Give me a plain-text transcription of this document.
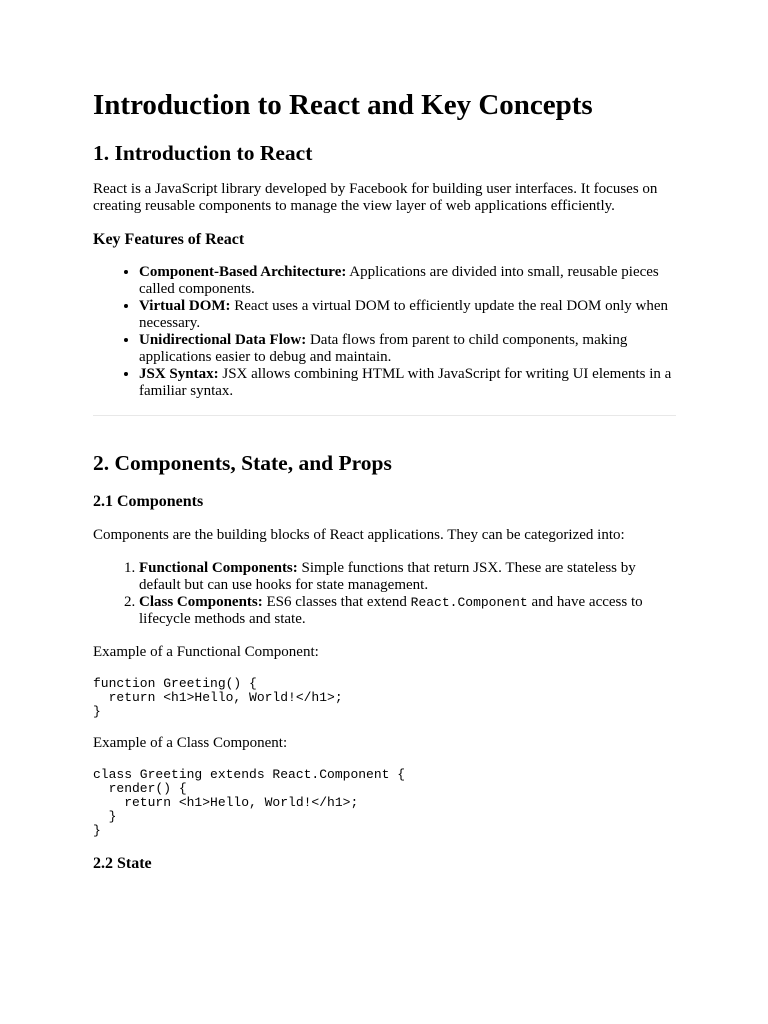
Introduction to React and Key Concepts
1. Introduction to React

React is a JavaScript library developed by Facebook for building user interfaces. It focuses on creating reusable components to manage the view layer of web applications efficiently.

Key Features of React
• Component-Based Architecture: Applications are divided into small, reusable pieces called components.
• Virtual DOM: React uses a virtual DOM to efficiently update the real DOM only when necessary.
• Unidirectional Data Flow: Data flows from parent to child components, making applications easier to debug and maintain.
• JSX Syntax: JSX allows combining HTML with JavaScript for writing UI elements in a familiar syntax.
2. Components, State, and Props
2.1 Components

Components are the building blocks of React applications. They can be categorized into:

1. Functional Components: Simple functions that return JSX. These are stateless by default but can use hooks for state management.
2. Class Components: ES6 classes that extend React.Component and have access to lifecycle methods and state.

Example of a Functional Component:

function Greeting() {
return <h1>Hello, World!</h1>;
}

Example of a Class Component:

class Greeting extends React.Component {
render() {
return <h1>Hello, World!</h1>;
}
}
2.2 State
